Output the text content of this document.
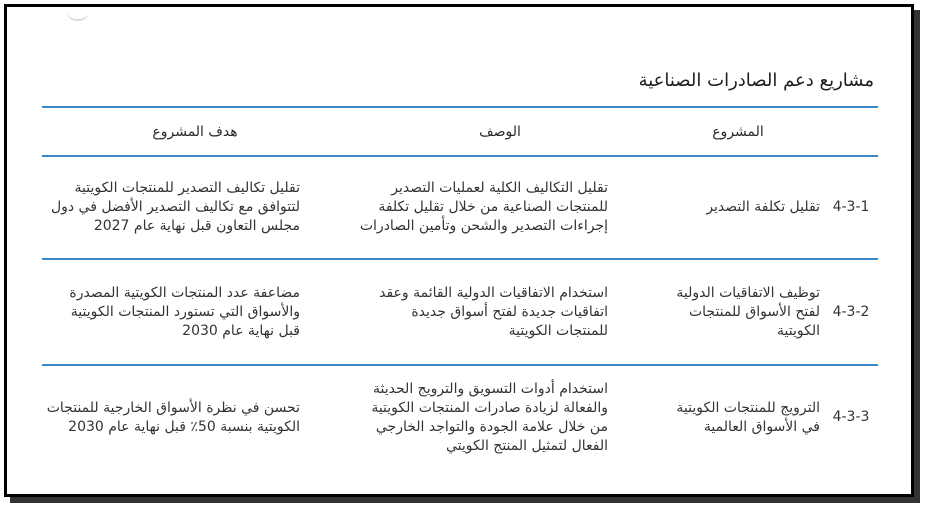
مشاريع دعم الصادرات الصناعية
	المشروع	الوصف	هدف المشروع
4-3-1	تقليل تكلفة التصدير	تقليل التكاليف الكلية لعمليات التصدير للمنتجات الصناعية من خلال تقليل تكلفة إجراءات التصدير والشحن وتأمين الصادرات	تقليل تكاليف التصدير للمنتجات الكويتية لتتوافق مع تكاليف التصدير الأفضل في دول مجلس التعاون قبل نهاية عام 2027

4-3-2	توظيف الاتفاقيات الدولية لفتح الأسواق للمنتجات الكويتية	استخدام الاتفاقيات الدولية القائمة وعقد اتفاقيات جديدة لفتح أسواق جديدة للمنتجات الكويتية	مضاعفة عدد المنتجات الكويتية المصدرة والأسواق التي تستورد المنتجات الكويتية قبل نهاية عام 2030

4-3-3	الترويج للمنتجات الكويتية في الأسواق العالمية	استخدام أدوات التسويق والترويج الحديثة والفعالة لزيادة صادرات المنتجات الكويتية من خلال علامة الجودة والتواجد الخارجي الفعال لتمثيل المنتج الكويتي	تحسن في نظرة الأسواق الخارجية للمنتجات الكويتية بنسبة 50٪ قبل نهاية عام 2030
